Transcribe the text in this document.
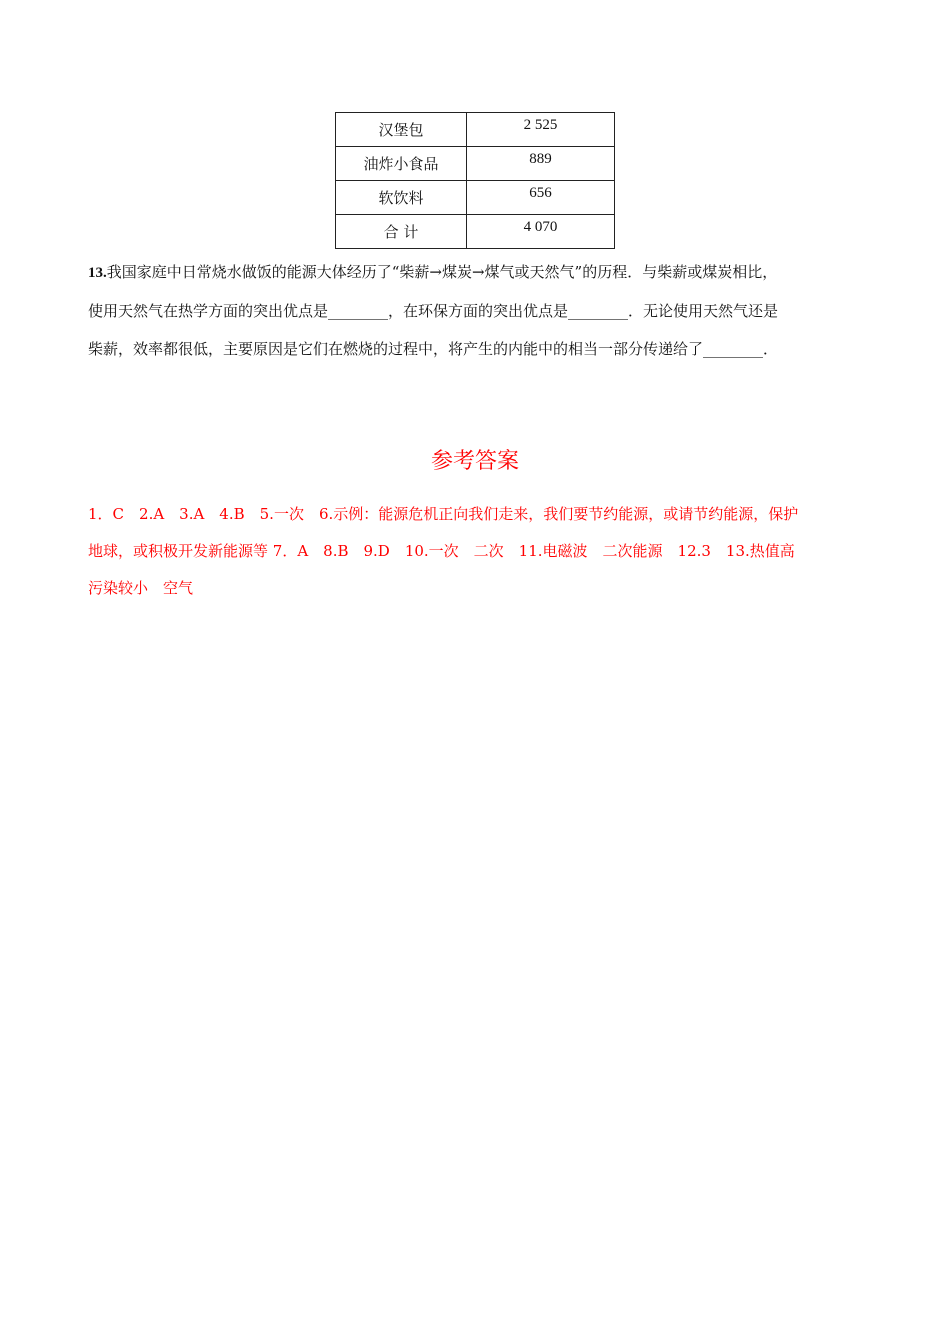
汉堡包	2 525
油炸小食品	889
软饮料	656
合 计	4 070
13.我国家庭中日常烧水做饭的能源大体经历了“柴薪→煤炭→煤气或天然气”的历程．与柴薪或煤炭相比，
使用天然气在热学方面的突出优点是________，在环保方面的突出优点是________．无论使用天然气还是
柴薪，效率都很低，主要原因是它们在燃烧的过程中，将产生的内能中的相当一部分传递给了________．
参考答案
1．C　2.A　3.A　4.B　5.一次　6.示例：能源危机正向我们走来，我们要节约能源，或请节约能源，保护
地球，或积极开发新能源等 7．A　8.B　9.D　10.一次　二次　11.电磁波　二次能源　12.3　13.热值高
污染较小　空气
